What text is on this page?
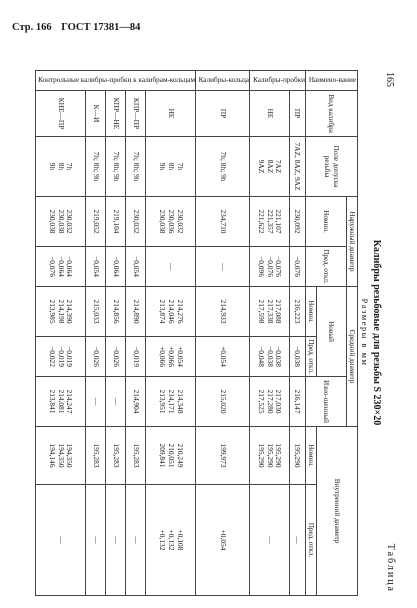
Стр. 166 ГОСТ 17381—84
165
Таблица
Калибры резьбовые для резьбы S 230×20
Размеры в мм
Наимено-вание	Вид калибра	Поле допуска резьбы	Наружный диаметр		Средний диаметр			Внутренний диаметр	
			Номин.	Пред. откл.	Новый		Изно-шенный		
					Номин.	Пред. откл.		Номин.	Пред. откл.
Калибры-пробки	ПР	7AZ, 8AZ, 9AZ	230,092	−0,076	216,223	−0,038	216,147	195,290	—
	НЕ	7AZ
8AZ
9AZ	221,107
221,357
221,622	−0,076
−0,076
−0,096	217,088
217,338
217,598	−0,038
−0,038
−0,048	217,030
217,280
217,525	195,290
195,290
195,290	—
Калибры-кольца	ПР	7h; 8h; 9h	234,710	—	214,933	+0,054	215,020	199,973	+0,054
Контрольные калибры-пробки к калибрам-кольцам	НЕ	7h
8h
9h	230,032
230,036
230,038	—	214,276
214,046
213,874	+0,054
+0,066
+0,066	214,348
214,171
213,951	210,249
210,051
209,841	+0,108
+0,132
+0,132
	КПР—ПР	7h; 8h; 9h	230,032	−0,054	214,890	−0,019	214,904	195,283	—
	КПР—НЕ	7h; 8h; 9h	219,104	−0,064	214,856	−0,026	—	195,283	—
	К—И	7h; 8h; 9h	219,052	−0,054	215,033	−0,026	—	195,283	—
	КНЕ—ПР	7h
8h
9h	230,032
230,038
230,038	−0,064
−0,064
−0,076	214,390
214,198
213,985	−0,019
−0,019
−0,022	214,247
214,081
213,841	194,350
194,350
194,146	—
